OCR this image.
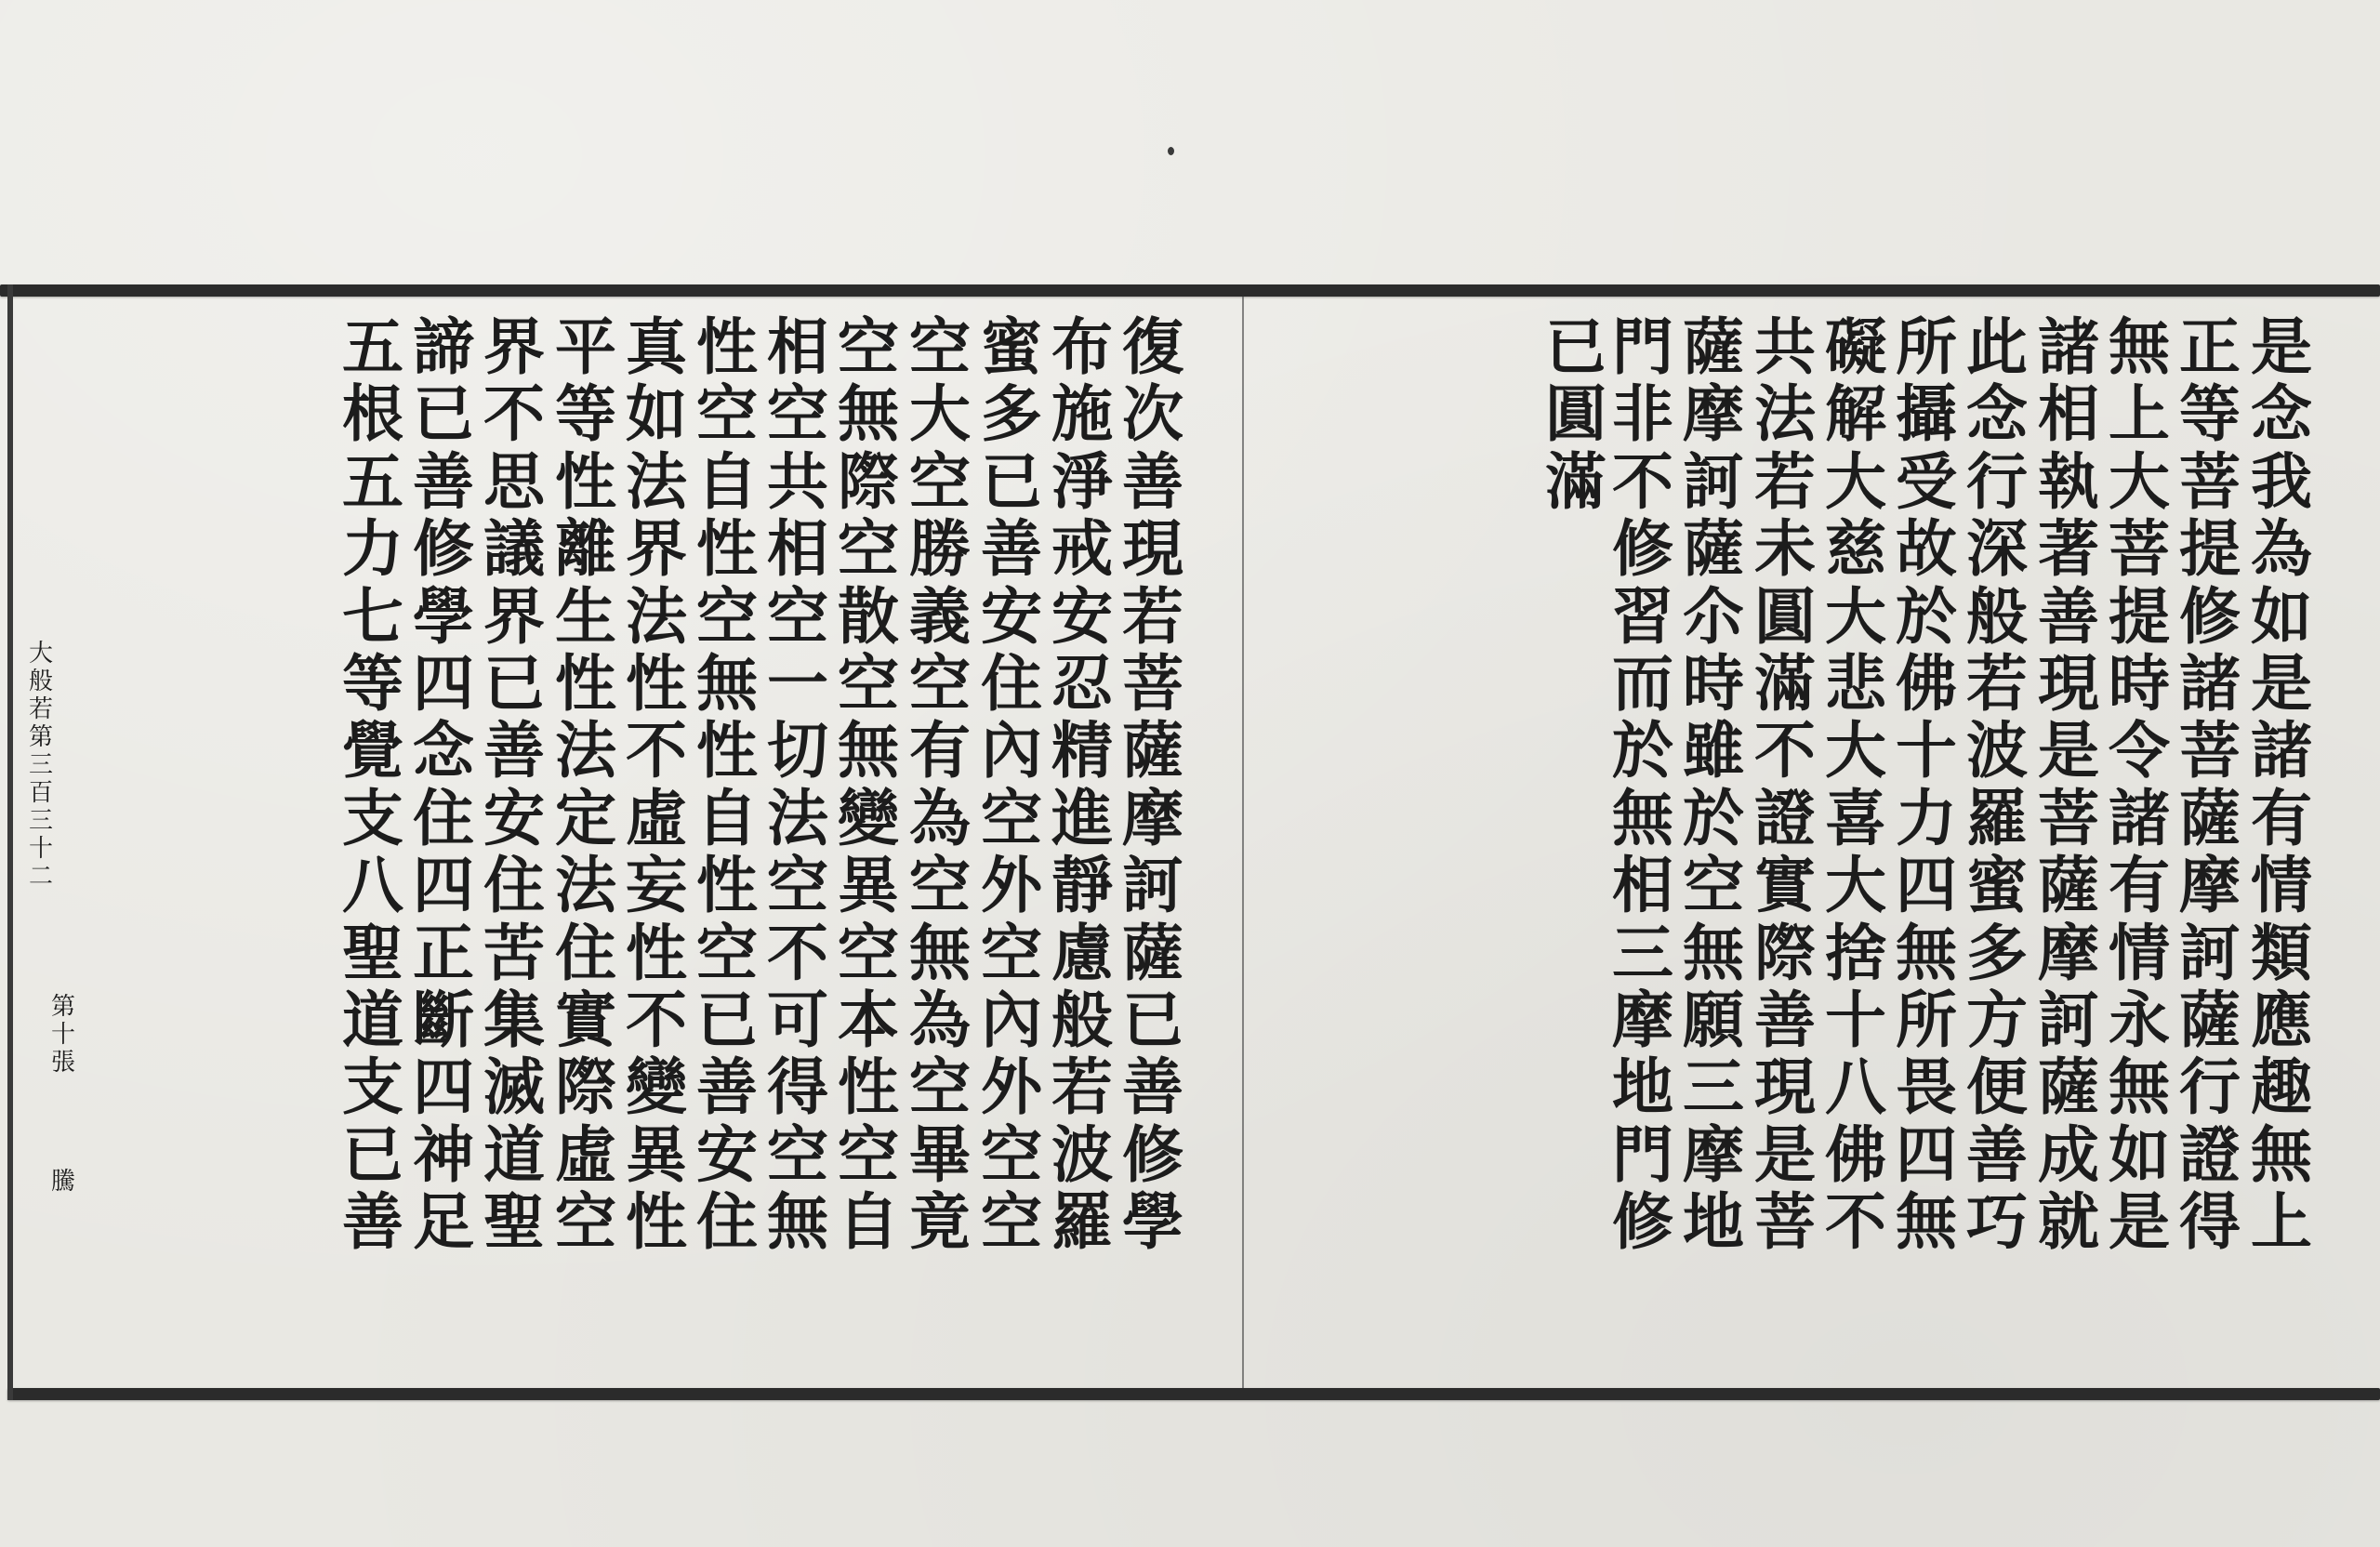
是
念
我
為
如
是
諸
有
情
類
應
趣
無
上
正
等
菩
提
修
諸
菩
薩
摩
訶
薩
行
證
得
無
上
大
菩
提
時
令
諸
有
情
永
無
如
是
諸
相
執
著
善
現
是
菩
薩
摩
訶
薩
成
就
此
念
行
深
般
若
波
羅
蜜
多
方
便
善
巧
所
攝
受
故
於
佛
十
力
四
無
所
畏
四
無
礙
解
大
慈
大
悲
大
喜
大
捨
十
八
佛
不
共
法
若
未
圓
滿
不
證
實
際
善
現
是
菩
薩
摩
訶
薩
尒
時
雖
於
空
無
願
三
摩
地
門
非
不
修
習
而
於
無
相
三
摩
地
門
修
已
圓
滿
復
次
善
現
若
菩
薩
摩
訶
薩
已
善
修
學
布
施
淨
戒
安
忍
精
進
靜
慮
般
若
波
羅
蜜
多
已
善
安
住
內
空
外
空
內
外
空
空
空
大
空
勝
義
空
有
為
空
無
為
空
畢
竟
空
無
際
空
散
空
無
變
異
空
本
性
空
自
相
空
共
相
空
一
切
法
空
不
可
得
空
無
性
空
自
性
空
無
性
自
性
空
已
善
安
住
真
如
法
界
法
性
不
虛
妄
性
不
變
異
性
平
等
性
離
生
性
法
定
法
住
實
際
虛
空
界
不
思
議
界
已
善
安
住
苦
集
滅
道
聖
諦
已
善
修
學
四
念
住
四
正
斷
四
神
足
五
根
五
力
七
等
覺
支
八
聖
道
支
已
善
大
般
若
第
三
百
三
十
二
第
十
張
騰
